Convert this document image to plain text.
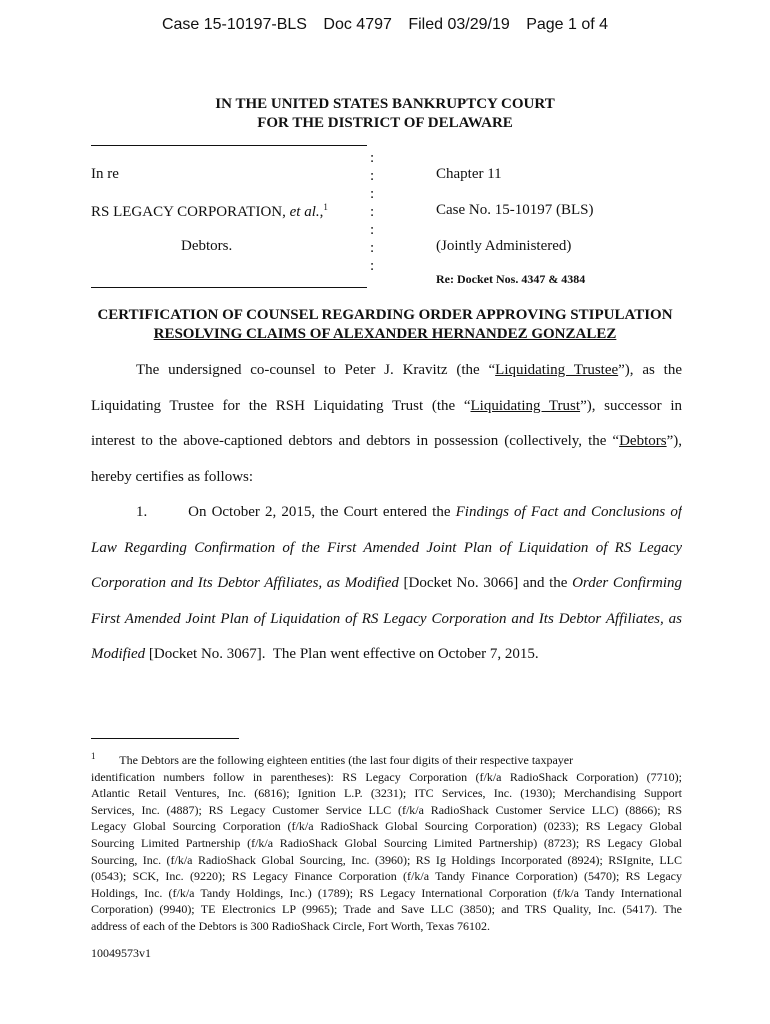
Case 15-10197-BLS Doc 4797 Filed 03/29/19 Page 1 of 4
IN THE UNITED STATES BANKRUPTCY COURT
FOR THE DISTRICT OF DELAWARE
In re
RS LEGACY CORPORATION, et al.,$^1$
Debtors.
:
:
:
:
:
:
:
Chapter 11
Case No. 15-10197 (BLS)
(Jointly Administered)
Re: Docket Nos. 4347 & 4384
CERTIFICATION OF COUNSEL REGARDING ORDER APPROVING STIPULATION
RESOLVING CLAIMS OF ALEXANDER HERNANDEZ GONZALEZ
The undersigned co-counsel to Peter J. Kravitz (the “Liquidating Trustee”), as the
Liquidating Trustee for the RSH Liquidating Trust (the “Liquidating Trust”), successor in
interest to the above-captioned debtors and debtors in possession (collectively, the “Debtors”),
hereby certifies as follows:
1.        On October 2, 2015, the Court entered the Findings of Fact and Conclusions of
Law Regarding Confirmation of the First Amended Joint Plan of Liquidation of RS Legacy
Corporation and Its Debtor Affiliates, as Modified [Docket No. 3066] and the Order Confirming
First Amended Joint Plan of Liquidation of RS Legacy Corporation and Its Debtor Affiliates, as
Modified [Docket No. 3067].  The Plan went effective on October 7, 2015.
$^1$        The Debtors are the following eighteen entities (the last four digits of their respective taxpayer
identification numbers follow in parentheses): RS Legacy Corporation (f/k/a RadioShack Corporation) (7710);
Atlantic Retail Ventures, Inc. (6816); Ignition L.P. (3231); ITC Services, Inc. (1930); Merchandising Support
Services, Inc. (4887); RS Legacy Customer Service LLC (f/k/a RadioShack Customer Service LLC) (8866); RS
Legacy Global Sourcing Corporation (f/k/a RadioShack Global Sourcing Corporation) (0233); RS Legacy Global
Sourcing Limited Partnership (f/k/a RadioShack Global Sourcing Limited Partnership) (8723); RS Legacy Global
Sourcing, Inc. (f/k/a RadioShack Global Sourcing, Inc. (3960); RS Ig Holdings Incorporated (8924); RSIgnite, LLC
(0543); SCK, Inc. (9220); RS Legacy Finance Corporation (f/k/a Tandy Finance Corporation) (5470); RS Legacy
Holdings, Inc. (f/k/a Tandy Holdings, Inc.) (1789); RS Legacy International Corporation (f/k/a Tandy International
Corporation) (9940); TE Electronics LP (9965); Trade and Save LLC (3850); and TRS Quality, Inc. (5417). The
address of each of the Debtors is 300 RadioShack Circle, Fort Worth, Texas 76102.
10049573v1
